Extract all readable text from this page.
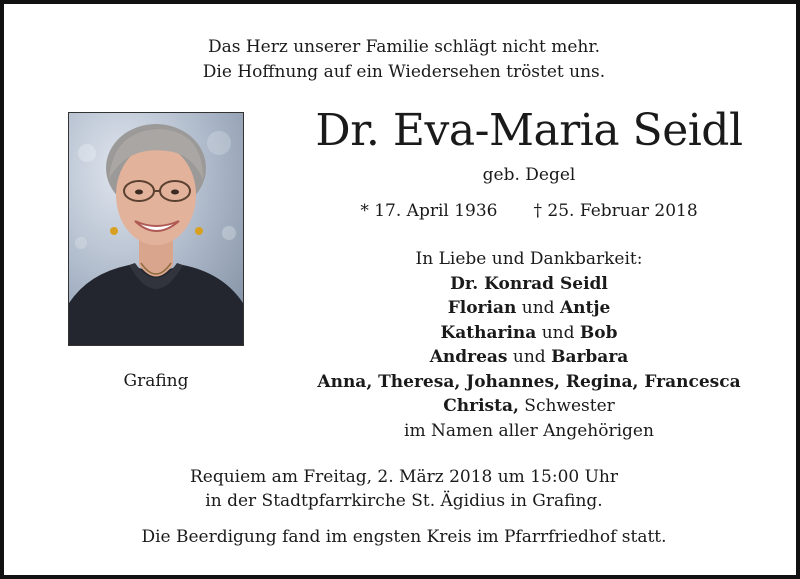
Das Herz unserer Familie schlägt nicht mehr.
Die Hoffnung auf ein Wiedersehen tröstet uns.
Grafing
Dr. Eva-Maria Seidl
geb. Degel
* 17. April 1936 † 25. Februar 2018
In Liebe und Dankbarkeit:
Dr. Konrad Seidl
Florian und Antje
Katharina und Bob
Andreas und Barbara
Anna, Theresa, Johannes, Regina, Francesca
Christa, Schwester
im Namen aller Angehörigen
Requiem am Freitag, 2. März 2018 um 15:00 Uhr
in der Stadtpfarrkirche St. Ägidius in Grafing.
Die Beerdigung fand im engsten Kreis im Pfarrfriedhof statt.
